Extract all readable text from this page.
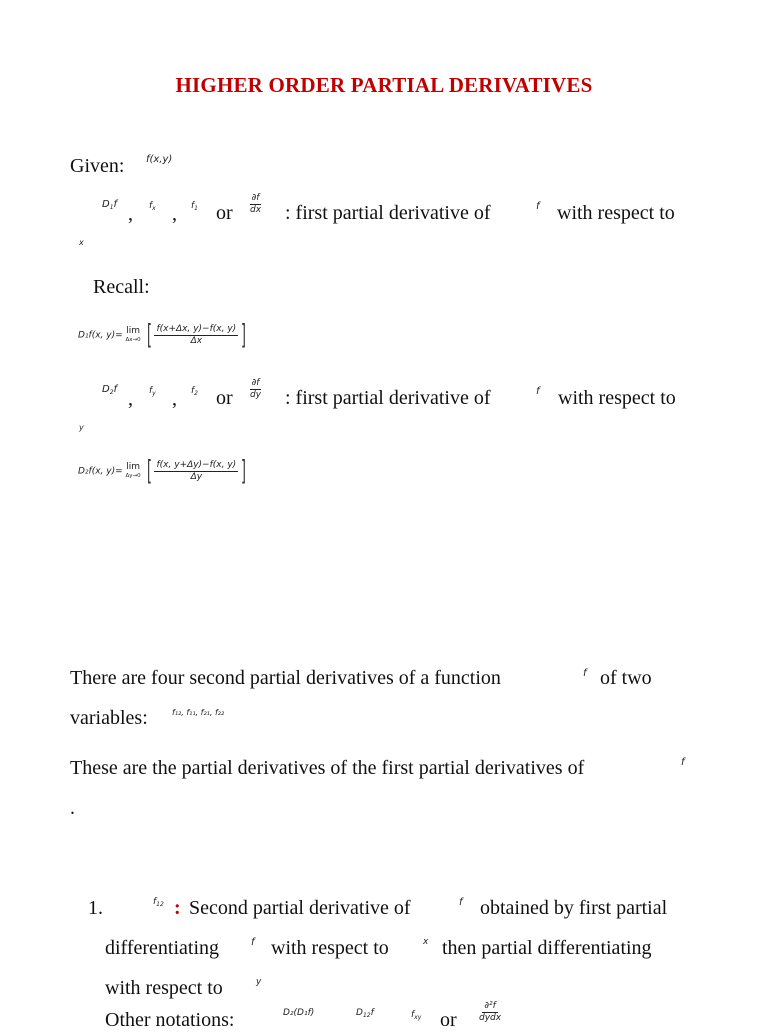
HIGHER ORDER PARTIAL DERIVATIVES
Given: f(x,y)
$D_1f$ , $f_x$ , $f_1$ or $\frac{\partial f}{dx}$ : first partial derivative of	f with respect to
x
Recall:
D₁f(x, y)= lim
Δx→0 [ $\frac{f(x+\Delta x, y)-f(x, y)}{\Delta x}$ ]
$D_2f$ , $f_y$ , $f_2$ or $\frac{\partial f}{dy}$ : first partial derivative of	f with respect to
y
D₂f(x, y)= lim
Δy→0 [ $\frac{f(x, y+\Delta y)-f(x, y)}{\Delta y}$ ]
There are four second partial derivatives of a function	f of two
variables:	f₁₂, f₁₁, f₂₁, f₂₂
These are the partial derivatives of the first partial derivatives of	f
.
1.	$f_{12}$ : Second partial derivative of	f obtained by first partial
differentiating	f with respect to	x then partial differentiating
with respect to	y
Other notations:	D₂(D₁f)	$D_{12}f$	$f_{xy}$ or $\frac{\text{∂²f}}{\text{dydx}}$
